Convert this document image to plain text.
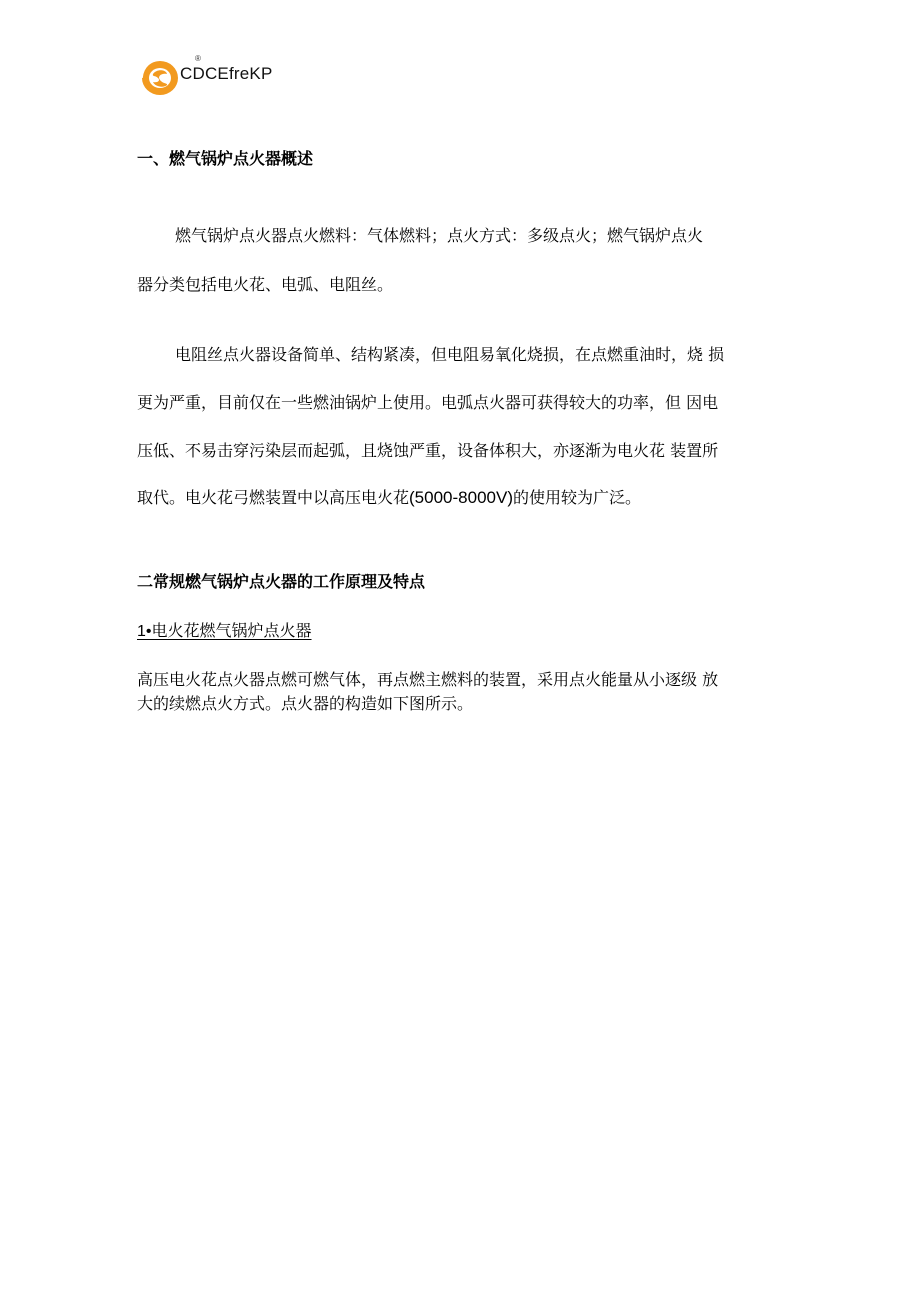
®
CDCEfreKP
一、燃气锅炉点火器概述
燃气锅炉点火器点火燃料：气体燃料；点火方式：多级点火；燃气锅炉点火
器分类包括电火花、电弧、电阻丝。
电阻丝点火器设备简单、结构紧凑，但电阻易氧化烧损，在点燃重油时，烧 损
更为严重，目前仅在一些燃油锅炉上使用。电弧点火器可获得较大的功率，但 因电
压低、不易击穿污染层而起弧，且烧蚀严重，设备体积大，亦逐渐为电火花 装置所
取代。电火花弓燃装置中以高压电火花(5000-8000V)的使用较为广泛。
二常规燃气锅炉点火器的工作原理及特点
1•电火花燃气锅炉点火器
高压电火花点火器点燃可燃气体，再点燃主燃料的装置，采用点火能量从小逐级 放
大的续燃点火方式。点火器的构造如下图所示。
